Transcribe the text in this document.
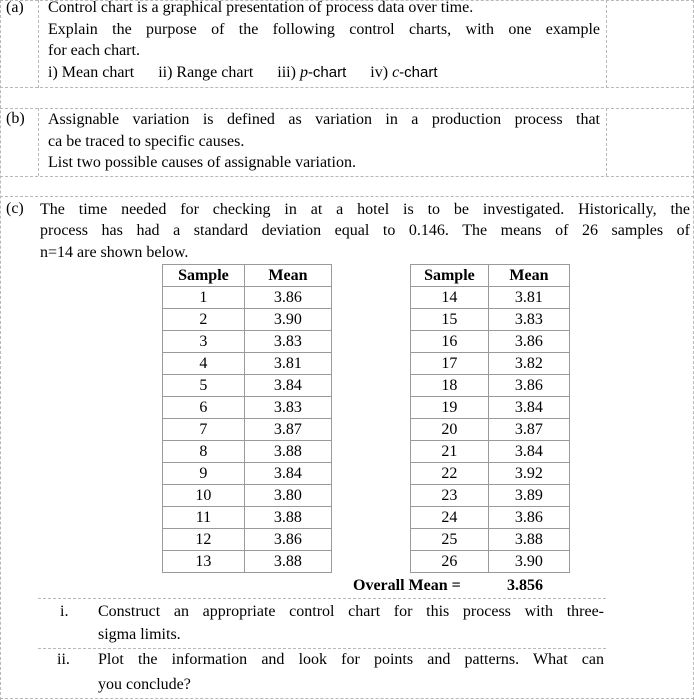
(a) Control chart is a graphical presentation of process data over time.
Explain the purpose of the following control charts, with one example
for each chart.
i) Mean chart ii) Range chart iii) p-chart iv) c-chart
(b) Assignable variation is defined as variation in a production process that
ca be traced to specific causes.
List two possible causes of assignable variation.
(c) The time needed for checking in at a hotel is to be investigated. Historically, the
process has had a standard deviation equal to 0.146. The means of 26 samples of
n=14 are shown below.
Sample	Mean
1	3.86
2	3.90
3	3.83
4	3.81
5	3.84
6	3.83
7	3.87
8	3.88
9	3.84
10	3.80
11	3.88
12	3.86
13	3.88
Sample	Mean
14	3.81
15	3.83
16	3.86
17	3.82
18	3.86
19	3.84
20	3.87
21	3.84
22	3.92
23	3.89
24	3.86
25	3.88
26	3.90
Overall Mean =	3.856
i. Construct an appropriate control chart for this process with three-
sigma limits.
ii. Plot the information and look for points and patterns. What can
you conclude?
